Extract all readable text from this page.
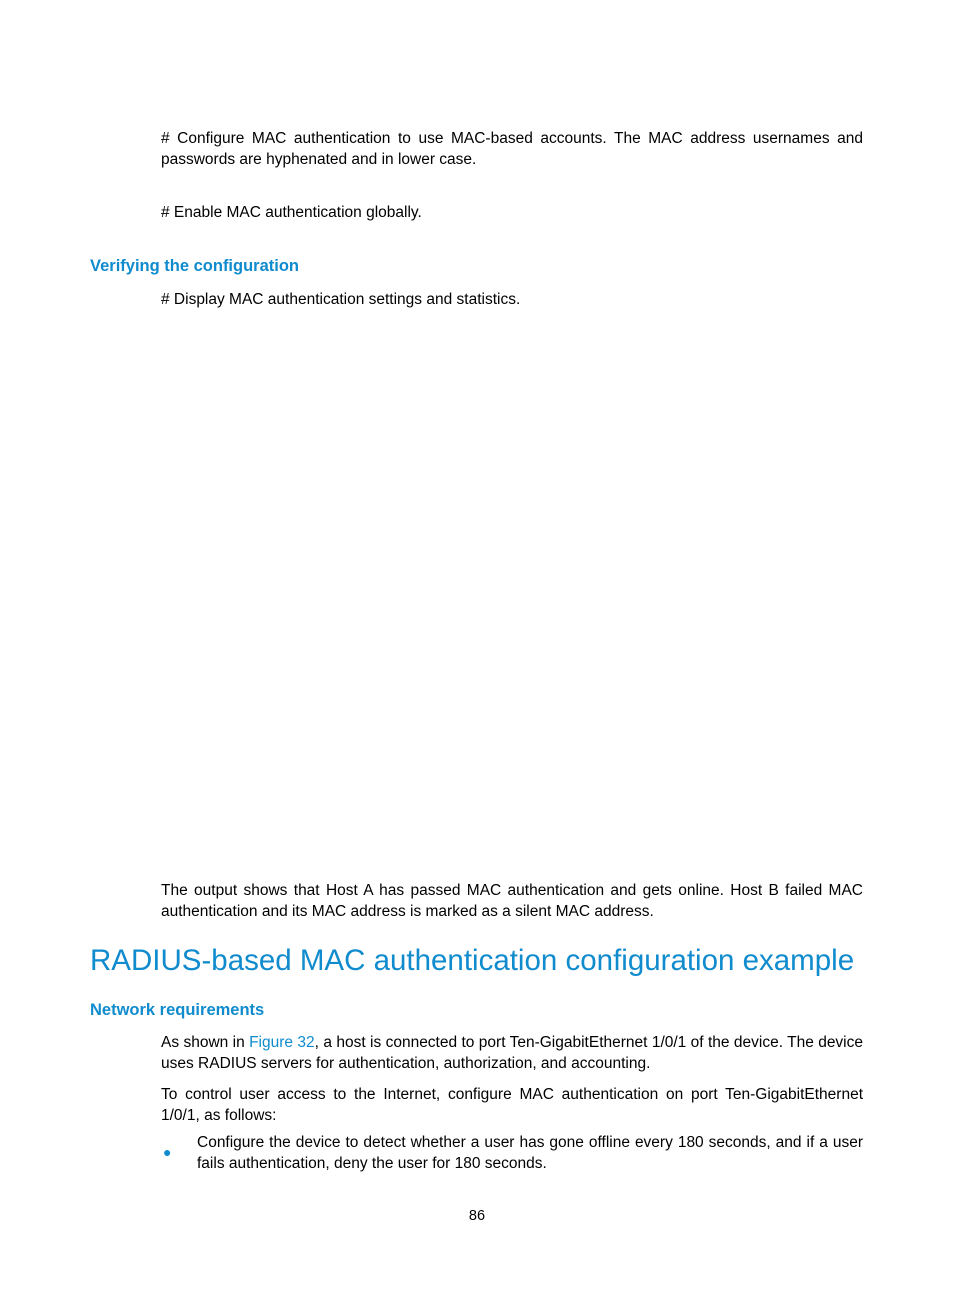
# Configure MAC authentication to use MAC-based accounts. The MAC address usernames and passwords are hyphenated and in lower case.

# Enable MAC authentication globally.

Verifying the configuration

# Display MAC authentication settings and statistics.

The output shows that Host A has passed MAC authentication and gets online. Host B failed MAC authentication and its MAC address is marked as a silent MAC address.

RADIUS-based MAC authentication configuration example
Network requirements

As shown in Figure 32, a host is connected to port Ten-GigabitEthernet 1/0/1 of the device. The device uses RADIUS servers for authentication, authorization, and accounting.

To control user access to the Internet, configure MAC authentication on port Ten-GigabitEthernet 1/0/1, as follows:

●

Configure the device to detect whether a user has gone offline every 180 seconds, and if a user fails authentication, deny the user for 180 seconds.

86
